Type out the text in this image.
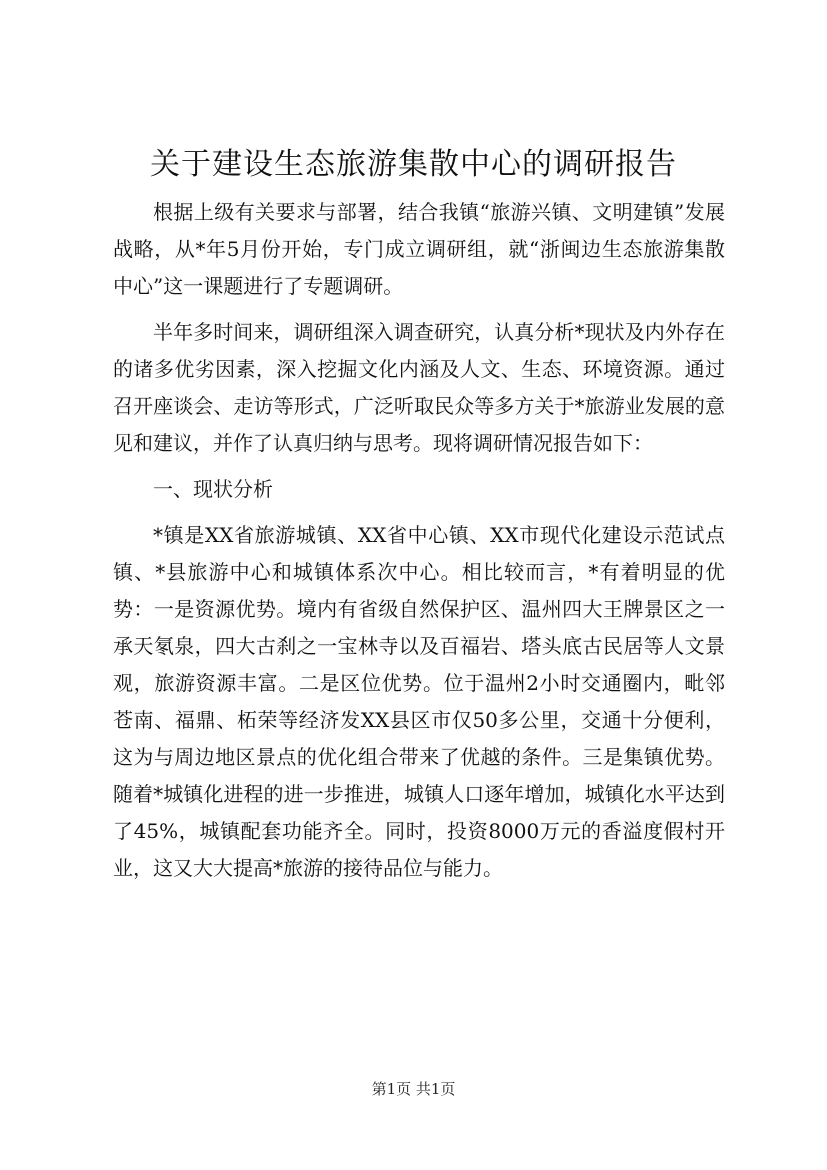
关于建设生态旅游集散中心的调研报告

根据上级有关要求与部署，结合我镇“旅游兴镇、文明建镇”发展战略，从*年5月份开始，专门成立调研组，就“浙闽边生态旅游集散中心”这一课题进行了专题调研。

半年多时间来，调研组深入调查研究，认真分析*现状及内外存在的诸多优劣因素，深入挖掘文化内涵及人文、生态、环境资源。通过召开座谈会、走访等形式，广泛听取民众等多方关于*旅游业发展的意见和建议，并作了认真归纳与思考。现将调研情况报告如下：

一、现状分析

*镇是XX省旅游城镇、XX省中心镇、XX市现代化建设示范试点镇、*县旅游中心和城镇体系次中心。相比较而言，*有着明显的优势：一是资源优势。境内有省级自然保护区、温州四大王牌景区之一承天氡泉，四大古刹之一宝林寺以及百福岩、塔头底古民居等人文景观，旅游资源丰富。二是区位优势。位于温州2小时交通圈内，毗邻苍南、福鼎、柘荣等经济发XX县区市仅50多公里，交通十分便利，这为与周边地区景点的优化组合带来了优越的条件。三是集镇优势。随着*城镇化进程的进一步推进，城镇人口逐年增加，城镇化水平达到了45%，城镇配套功能齐全。同时，投资8000万元的香溢度假村开业，这又大大提高*旅游的接待品位与能力。

第1页 共1页
